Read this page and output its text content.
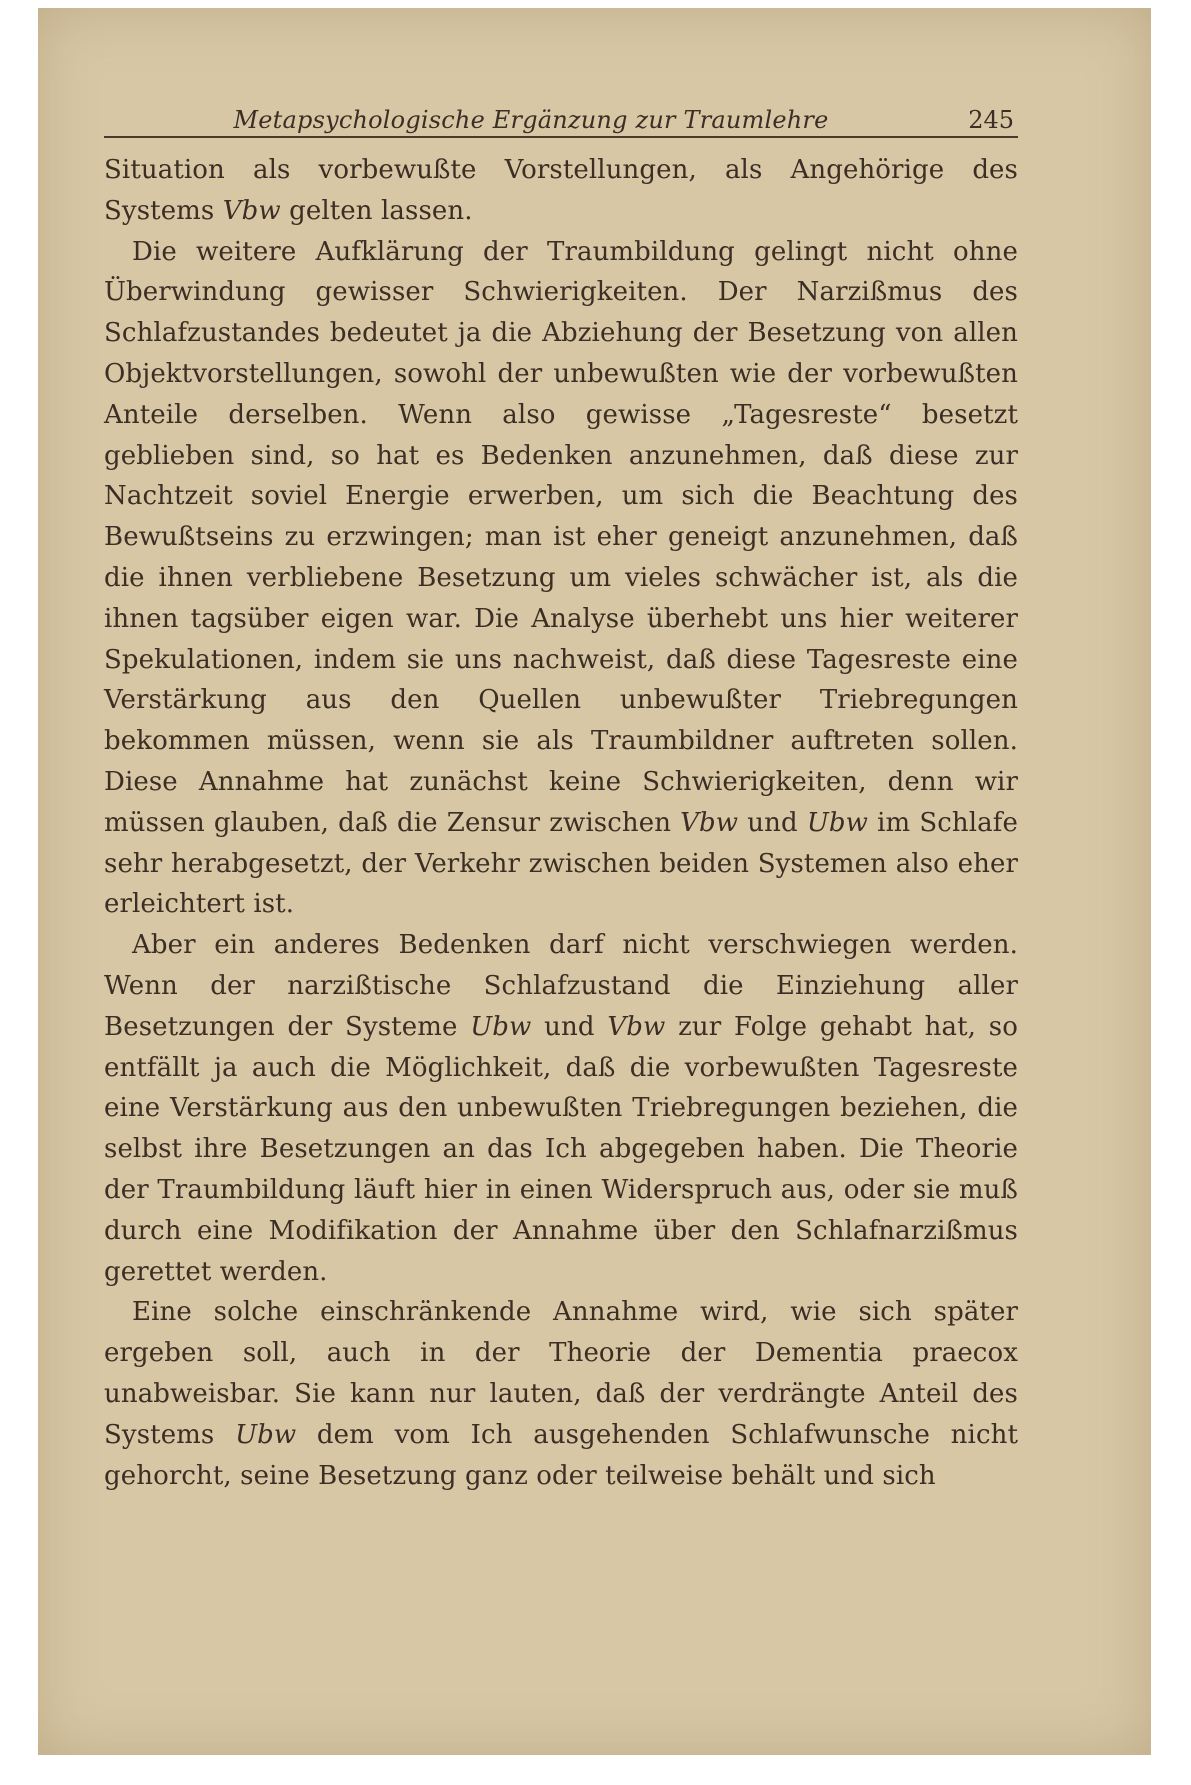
Metapsychologische Ergänzung zur Traumlehre	245

Situation als vorbewußte Vorstellungen, als Angehörige des Systems Vbw gelten lassen.

Die weitere Aufklärung der Traumbildung gelingt nicht ohne Überwindung gewisser Schwierigkeiten. Der Narzißmus des Schlafzustandes bedeutet ja die Abziehung der Besetzung von allen Objektvorstellungen, sowohl der unbewußten wie der vorbewußten Anteile derselben. Wenn also gewisse „Tagesreste“ besetzt geblieben sind, so hat es Bedenken anzunehmen, daß diese zur Nachtzeit soviel Energie erwerben, um sich die Beachtung des Bewußtseins zu erzwingen; man ist eher geneigt anzunehmen, daß die ihnen verbliebene Besetzung um vieles schwächer ist, als die ihnen tagsüber eigen war. Die Analyse überhebt uns hier weiterer Spekulationen, indem sie uns nachweist, daß diese Tagesreste eine Verstärkung aus den Quellen unbewußter Triebregungen bekommen müssen, wenn sie als Traumbildner auftreten sollen. Diese Annahme hat zunächst keine Schwierigkeiten, denn wir müssen glauben, daß die Zensur zwischen Vbw und Ubw im Schlafe sehr herabgesetzt, der Verkehr zwischen beiden Systemen also eher erleichtert ist.

Aber ein anderes Bedenken darf nicht verschwiegen werden. Wenn der narzißtische Schlafzustand die Einziehung aller Besetzungen der Systeme Ubw und Vbw zur Folge gehabt hat, so entfällt ja auch die Möglichkeit, daß die vorbewußten Tagesreste eine Verstärkung aus den unbewußten Triebregungen beziehen, die selbst ihre Besetzungen an das Ich abgegeben haben. Die Theorie der Traumbildung läuft hier in einen Widerspruch aus, oder sie muß durch eine Modifikation der Annahme über den Schlafnarzißmus gerettet werden.

Eine solche einschränkende Annahme wird, wie sich später ergeben soll, auch in der Theorie der Dementia praecox unabweisbar. Sie kann nur lauten, daß der verdrängte Anteil des Systems Ubw dem vom Ich ausgehenden Schlafwunsche nicht gehorcht, seine Besetzung ganz oder teilweise behält und sich
